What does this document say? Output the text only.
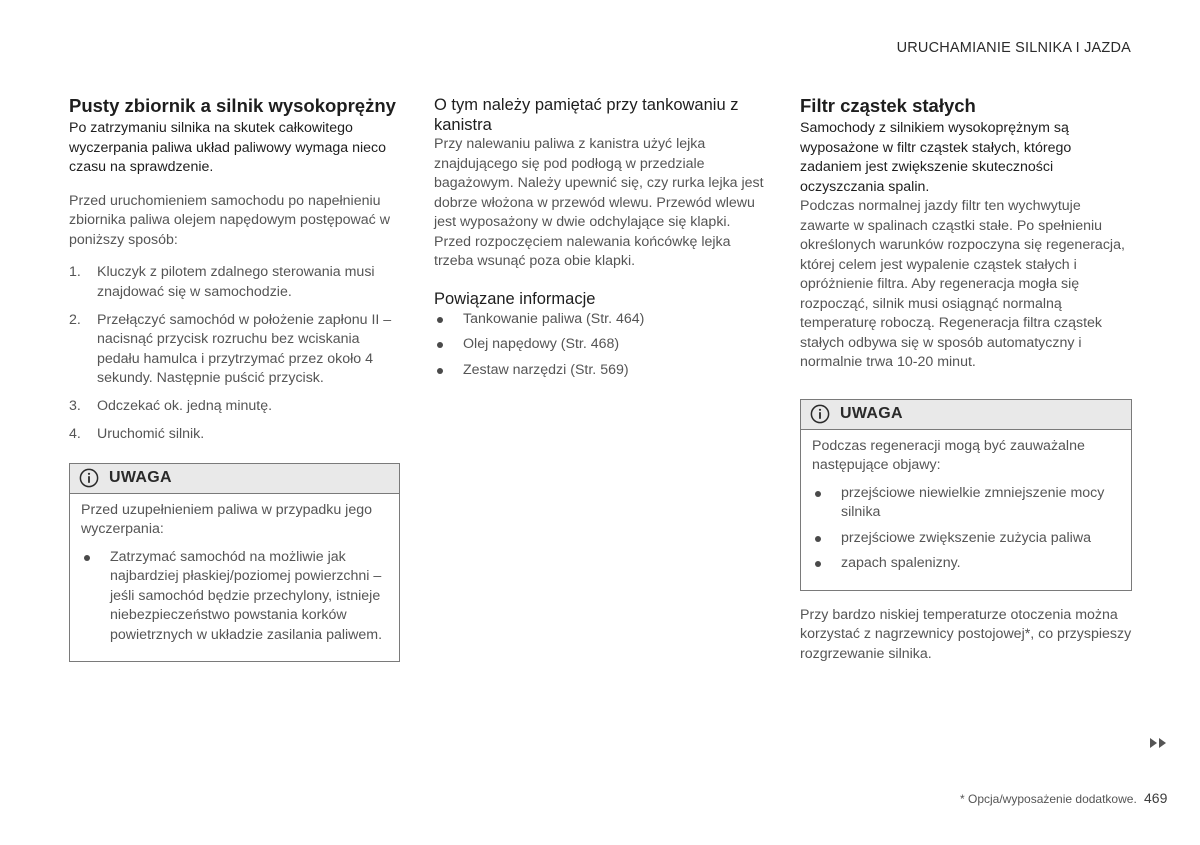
URUCHAMIANIE SILNIKA I JAZDA
Pusty zbiornik a silnik wysokoprężny

Po zatrzymaniu silnika na skutek całkowitego wyczerpania paliwa układ paliwowy wymaga nieco czasu na sprawdzenie.

Przed uruchomieniem samochodu po napełnieniu zbiornika paliwa olejem napędowym postępować w poniższy sposób:

1. Kluczyk z pilotem zdalnego sterowania musi znajdować się w samochodzie.
2. Przełączyć samochód w położenie zapłonu II – nacisnąć przycisk rozruchu bez wciskania pedału hamulca i przytrzymać przez około 4 sekundy. Następnie puścić przycisk.
3. Odczekać ok. jedną minutę.
4. Uruchomić silnik.
UWAGA

Przed uzupełnieniem paliwa w przypadku jego wyczerpania:

Zatrzymać samochód na możliwie jak najbardziej płaskiej/poziomej powierzchni – jeśli samochód będzie przechylony, istnieje niebezpieczeństwo powstania korków powietrznych w układzie zasilania paliwem.
O tym należy pamiętać przy tankowaniu z kanistra

Przy nalewaniu paliwa z kanistra użyć lejka znajdującego się pod podłogą w przedziale bagażowym. Należy upewnić się, czy rurka lejka jest dobrze włożona w przewód wlewu. Przewód wlewu jest wyposażony w dwie odchylające się klapki. Przed rozpoczęciem nalewania końcówkę lejka trzeba wsunąć poza obie klapki.

Powiązane informacje
Tankowanie paliwa (Str. 464)
Olej napędowy (Str. 468)
Zestaw narzędzi (Str. 569)
Filtr cząstek stałych

Samochody z silnikiem wysokoprężnym są wyposażone w filtr cząstek stałych, którego zadaniem jest zwiększenie skuteczności oczyszczania spalin.

Podczas normalnej jazdy filtr ten wychwytuje zawarte w spalinach cząstki stałe. Po spełnieniu określonych warunków rozpoczyna się regeneracja, której celem jest wypalenie cząstek stałych i opróżnienie filtra. Aby regeneracja mogła się rozpocząć, silnik musi osiągnąć normalną temperaturę roboczą. Regeneracja filtra cząstek stałych odbywa się w sposób automatyczny i normalnie trwa 10-20 minut.

UWAGA

Podczas regeneracji mogą być zauważalne następujące objawy:

przejściowe niewielkie zmniejszenie mocy silnika
przejściowe zwiększenie zużycia paliwa
zapach spalenizny.

Przy bardzo niskiej temperaturze otoczenia można korzystać z nagrzewnicy postojowej*, co przyspieszy rozgrzewanie silnika.

* Opcja/wyposażenie dodatkowe. 469
